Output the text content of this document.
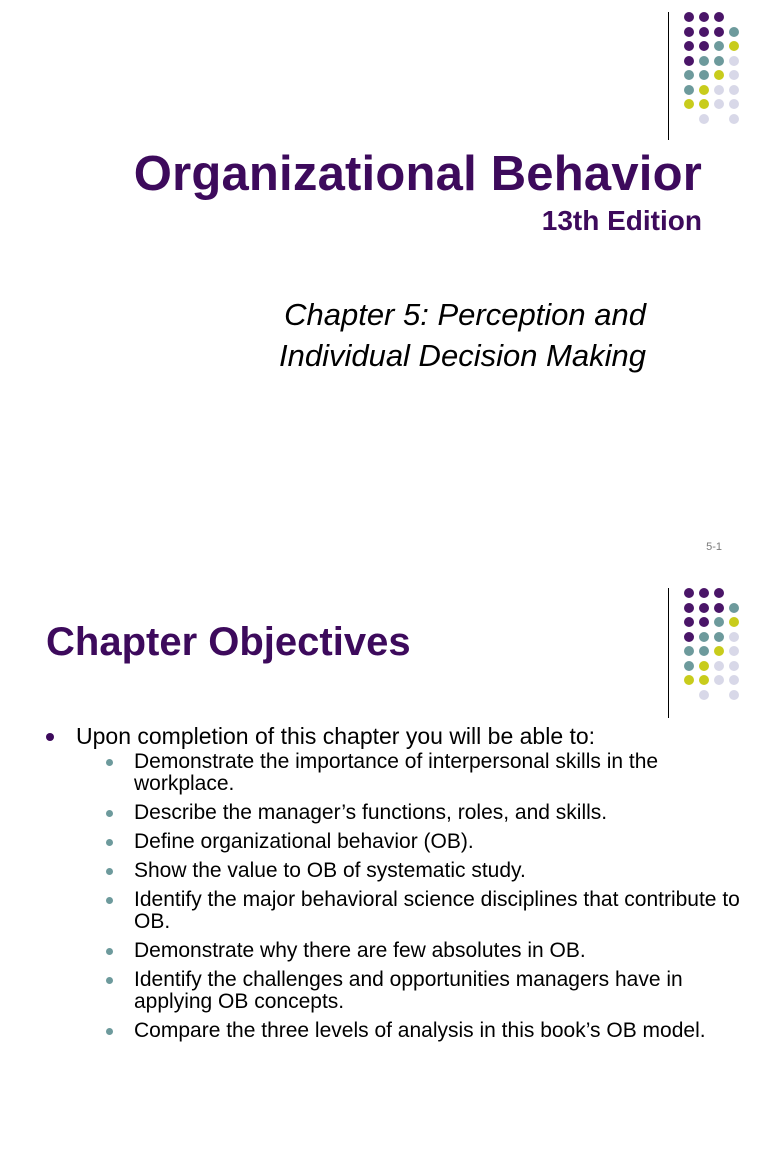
Organizational Behavior
13th Edition
Chapter 5: Perception and
Individual Decision Making
5-1
Chapter Objectives
Upon completion of this chapter you will be able to:
Demonstrate the importance of interpersonal skills in the workplace.
Describe the manager’s functions, roles, and skills.
Define organizational behavior (OB).
Show the value to OB of systematic study.
Identify the major behavioral science disciplines that contribute to OB.
Demonstrate why there are few absolutes in OB.
Identify the challenges and opportunities managers have in applying OB concepts.
Compare the three levels of analysis in this book’s OB model.
